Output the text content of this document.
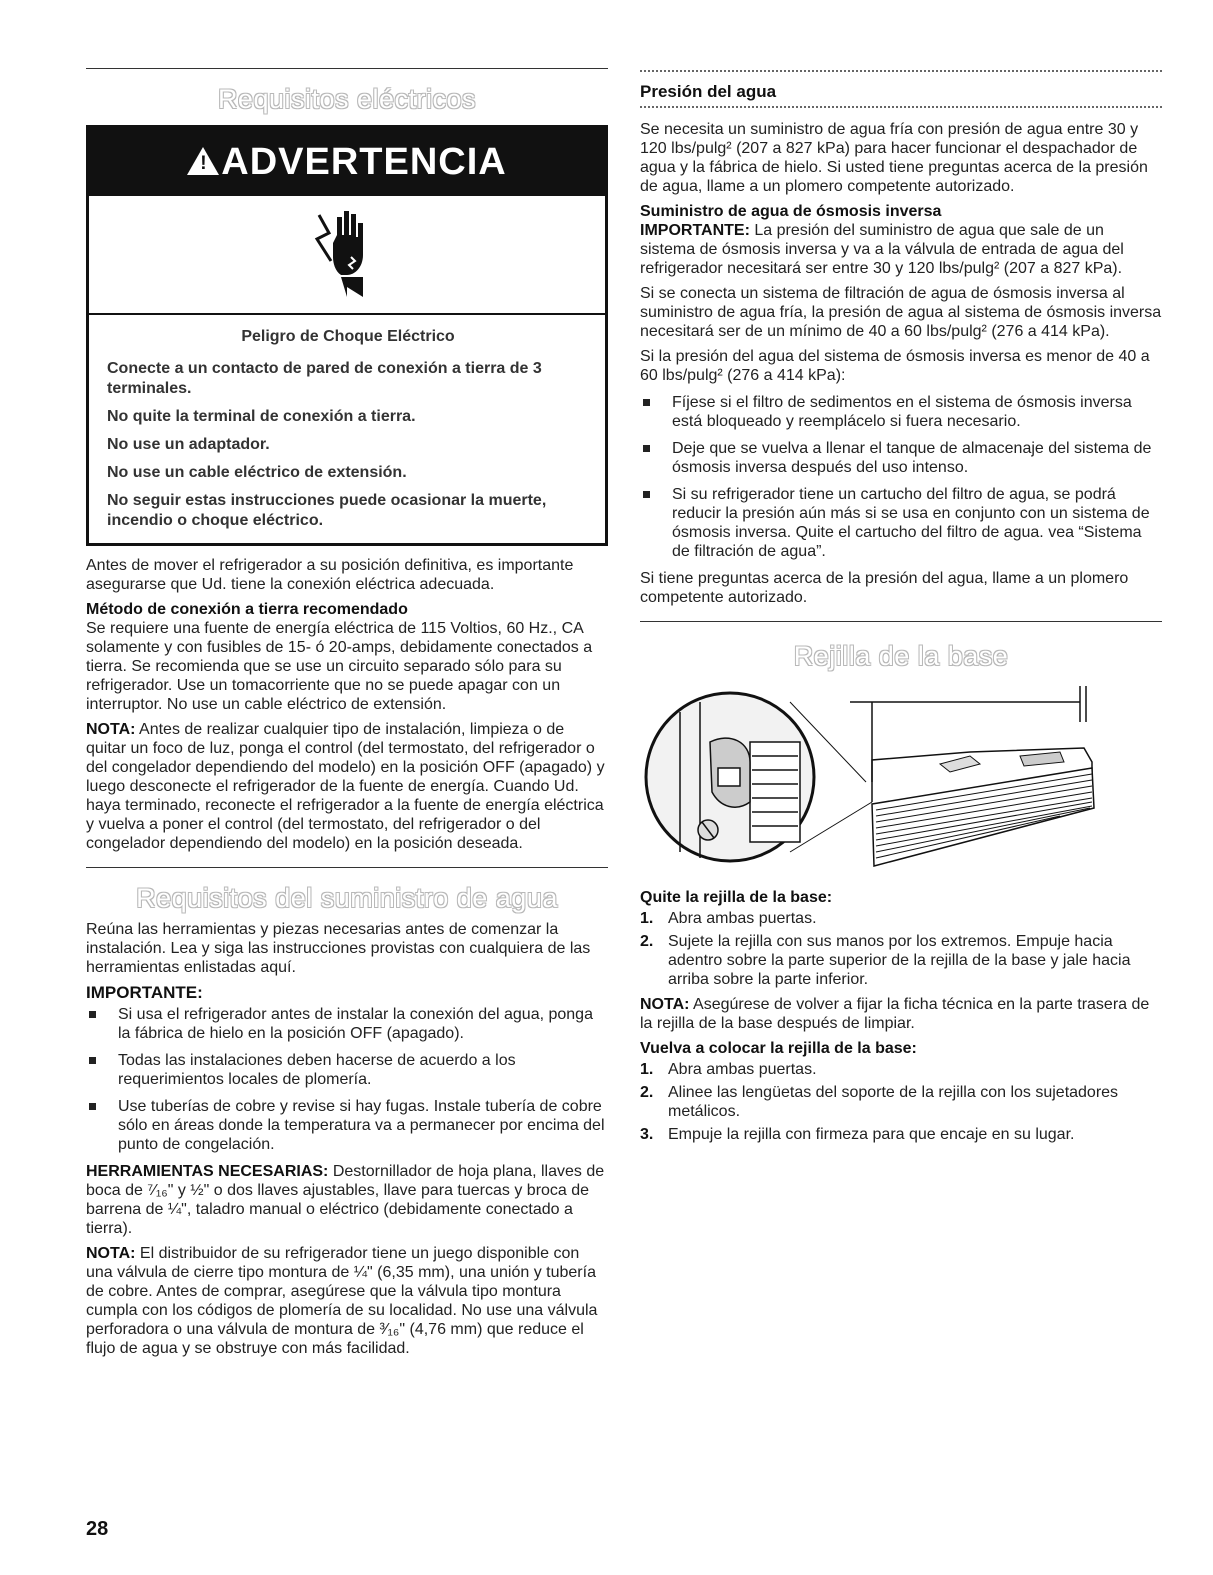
Requisitos eléctricos
! ADVERTENCIA

Peligro de Choque Eléctrico

Conecte a un contacto de pared de conexión a tierra de 3 terminales.

No quite la terminal de conexión a tierra.

No use un adaptador.

No use un cable eléctrico de extensión.

No seguir estas instrucciones puede ocasionar la muerte, incendio o choque eléctrico.

Antes de mover el refrigerador a su posición definitiva, es importante asegurarse que Ud. tiene la conexión eléctrica adecuada.

Método de conexión a tierra recomendado

Se requiere una fuente de energía eléctrica de 115 Voltios, 60 Hz., CA solamente y con fusibles de 15- ó 20-amps, debidamente conectados a tierra. Se recomienda que se use un circuito separado sólo para su refrigerador. Use un tomacorriente que no se puede apagar con un interruptor. No use un cable eléctrico de extensión.

NOTA: Antes de realizar cualquier tipo de instalación, limpieza o de quitar un foco de luz, ponga el control (del termostato, del refrigerador o del congelador dependiendo del modelo) en la posición OFF (apagado) y luego desconecte el refrigerador de la fuente de energía. Cuando Ud. haya terminado, reconecte el refrigerador a la fuente de energía eléctrica y vuelva a poner el control (del termostato, del refrigerador o del congelador dependiendo del modelo) en la posición deseada.

Requisitos del suministro de agua

Reúna las herramientas y piezas necesarias antes de comenzar la instalación. Lea y siga las instrucciones provistas con cualquiera de las herramientas enlistadas aquí.

IMPORTANTE:
Si usa el refrigerador antes de instalar la conexión del agua, ponga la fábrica de hielo en la posición OFF (apagado).
Todas las instalaciones deben hacerse de acuerdo a los requerimientos locales de plomería.
Use tuberías de cobre y revise si hay fugas. Instale tubería de cobre sólo en áreas donde la temperatura va a permanecer por encima del punto de congelación.

HERRAMIENTAS NECESARIAS: Destornillador de hoja plana, llaves de boca de ⁷⁄₁₆" y ½" o dos llaves ajustables, llave para tuercas y broca de barrena de ¼", taladro manual o eléctrico (debidamente conectado a tierra).

NOTA: El distribuidor de su refrigerador tiene un juego disponible con una válvula de cierre tipo montura de ¼" (6,35 mm), una unión y tubería de cobre. Antes de comprar, asegúrese que la válvula tipo montura cumpla con los códigos de plomería de su localidad. No use una válvula perforadora o una válvula de montura de ³⁄₁₆" (4,76 mm) que reduce el flujo de agua y se obstruye con más facilidad.

28
Presión del agua

Se necesita un suministro de agua fría con presión de agua entre 30 y 120 lbs/pulg² (207 a 827 kPa) para hacer funcionar el despachador de agua y la fábrica de hielo. Si usted tiene preguntas acerca de la presión de agua, llame a un plomero competente autorizado.

Suministro de agua de ósmosis inversa

IMPORTANTE: La presión del suministro de agua que sale de un sistema de ósmosis inversa y va a la válvula de entrada de agua del refrigerador necesitará ser entre 30 y 120 lbs/pulg² (207 a 827 kPa).

Si se conecta un sistema de filtración de agua de ósmosis inversa al suministro de agua fría, la presión de agua al sistema de ósmosis inversa necesitará ser de un mínimo de 40 a 60 lbs/pulg² (276 a 414 kPa).

Si la presión del agua del sistema de ósmosis inversa es menor de 40 a 60 lbs/pulg² (276 a 414 kPa):

Fíjese si el filtro de sedimentos en el sistema de ósmosis inversa está bloqueado y reemplácelo si fuera necesario.
Deje que se vuelva a llenar el tanque de almacenaje del sistema de ósmosis inversa después del uso intenso.
Si su refrigerador tiene un cartucho del filtro de agua, se podrá reducir la presión aún más si se usa en conjunto con un sistema de ósmosis inversa. Quite el cartucho del filtro de agua. vea “Sistema de filtración de agua”.

Si tiene preguntas acerca de la presión del agua, llame a un plomero competente autorizado.

Rejilla de la base
Quite la rejilla de la base:
1. Abra ambas puertas.
2. Sujete la rejilla con sus manos por los extremos. Empuje hacia adentro sobre la parte superior de la rejilla de la base y jale hacia arriba sobre la parte inferior.

NOTA: Asegúrese de volver a fijar la ficha técnica en la parte trasera de la rejilla de la base después de limpiar.

Vuelva a colocar la rejilla de la base:
1. Abra ambas puertas.
2. Alinee las lengüetas del soporte de la rejilla con los sujetadores metálicos.
3. Empuje la rejilla con firmeza para que encaje en su lugar.
